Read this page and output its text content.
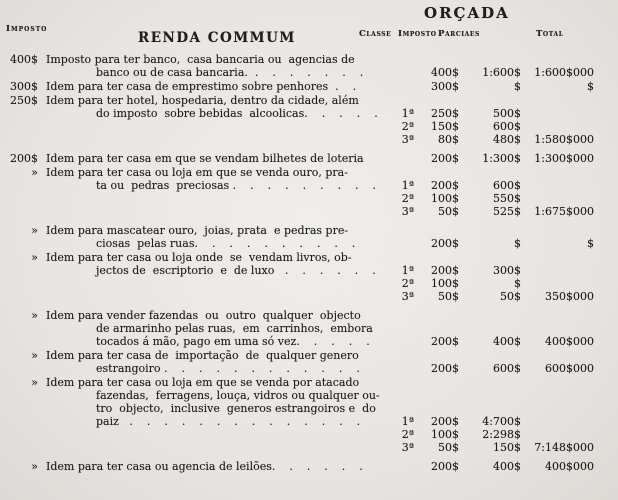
ORÇADA
Imposto
RENDA COMMUM	Classe Imposto Parciaes	Total
400$ Imposto para ter banco,  casa bancaria ou  agencias de
banco ou de casa bancaria.  .    .    .    .    .    .    .	400$	1:600$	1:600$000
300$ Idem para ter casa de emprestimo sobre penhores  .    .	300$	$	$
250$ Idem para ter hotel, hospedaria, dentro da cidade, além
do imposto  sobre bebidas  alcoolicas.    .    .    .    .	1ª	250$	500$
2ª	150$	600$
3ª	80$	480$	1:580$000
200$ Idem para ter casa em que se vendam bilhetes de loteria	200$	1:300$	1:300$000
» Idem para ter casa ou loja em que se venda ouro, pra-
ta ou  pedras  preciosas .    .    .    .    .    .    .    .    .	1ª	200$	600$
2ª	100$	550$
3ª	50$	525$	1:675$000
» Idem para mascatear ouro,  joias, prata  e pedras pre-
ciosas  pelas ruas.    .    .    .    .    .    .    .    .    .	200$	$	$
» Idem para ter casa ou loja onde  se  vendam livros, ob-
jectos de  escriptorio  e  de luxo   .    .    .    .    .    .	1ª	200$	300$
2ª	100$	$
3ª	50$	50$	350$000
» Idem para vender fazendas  ou  outro  qualquer  objecto
de armarinho pelas ruas,  em  carrinhos,  embora
tocados á mão, pago em uma só vez.    .    .    .    .	200$	400$	400$000
» Idem para ter casa de  importação  de  qualquer genero
estrangoiro .    .    .    .    .    .    .    .    .    .    .    .	200$	600$	600$000
» Idem para ter casa ou loja em que se venda por atacado
fazendas,  ferragens, louça, vidros ou qualquer ou-
tro  objecto,  inclusive  generos estrangoiros e  do
paiz   .    .    .    .    .    .    .    .    .    .    .    .    .    .	1ª	200$	4:700$
2ª	100$	2:298$
3ª	50$	150$	7:148$000
» Idem para ter casa ou agencia de leilões.    .    .    .    .    .	200$	400$	400$000
